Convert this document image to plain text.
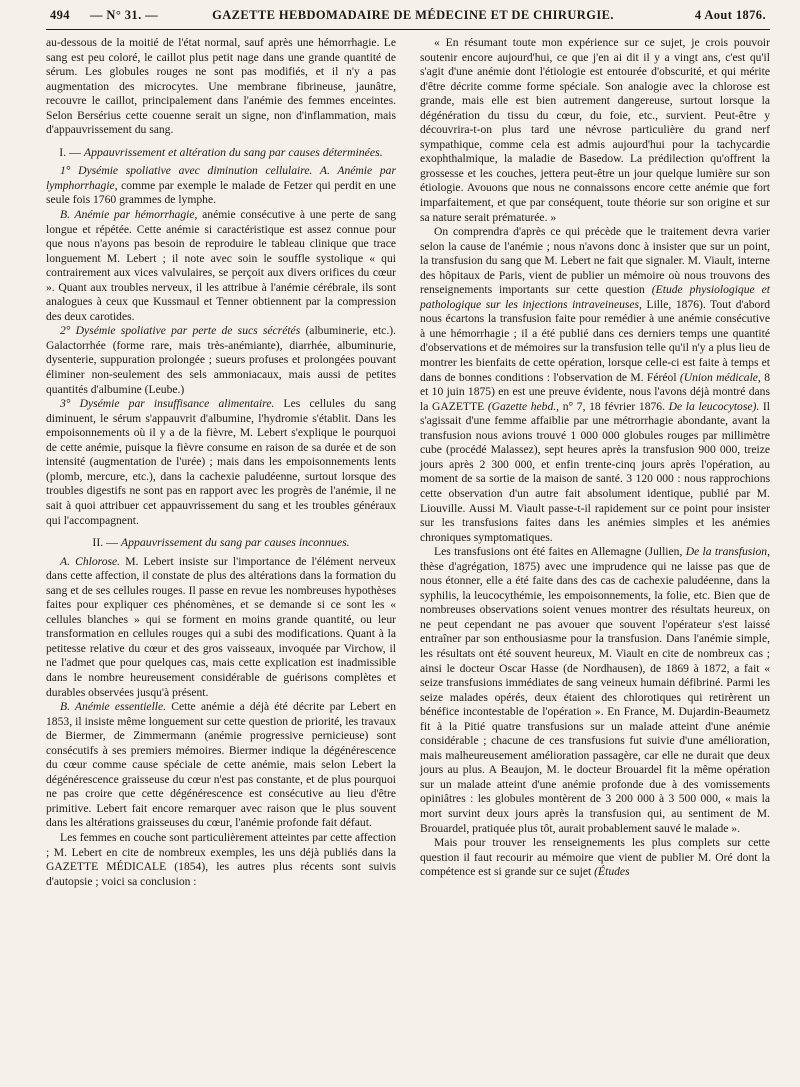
494	— N° 31. —	GAZETTE HEBDOMADAIRE DE MÉDECINE ET DE CHIRURGIE.	4 Aout 1876.

au-dessous de la moitié de l'état normal, sauf après une hémorrhagie. Le sang est peu coloré, le caillot plus petit nage dans une grande quantité de sérum. Les globules rouges ne sont pas modifiés, et il n'y a pas augmentation des microcytes. Une membrane fibrineuse, jaunâtre, recouvre le caillot, principalement dans l'anémie des femmes enceintes. Selon Bersérius cette couenne serait un signe, non d'inflammation, mais d'appauvrissement du sang.

I. — Appauvrissement et altération du sang par causes déterminées.

1° Dysémie spoliative avec diminution cellulaire. A. Anémie par lymphorrhagie, comme par exemple le malade de Fetzer qui perdit en une seule fois 1760 grammes de lymphe.

B. Anémie par hémorrhagie, anémie consécutive à une perte de sang longue et répétée. Cette anémie si caractéristique est assez connue pour que nous n'ayons pas besoin de reproduire le tableau clinique que trace longuement M. Lebert ; il note avec soin le souffle systolique « qui contrairement aux vices valvulaires, se perçoit aux divers orifices du cœur ». Quant aux troubles nerveux, il les attribue à l'anémie cérébrale, ils sont analogues à ceux que Kussmaul et Tenner obtiennent par la compression des deux carotides.

2° Dysémie spoliative par perte de sucs sécrétés (albuminerie, etc.). Galactorrhée (forme rare, mais très-anémiante), diarrhée, albuminurie, dysenterie, suppuration prolongée ; sueurs profuses et prolongées pouvant éliminer non-seulement des sels ammoniacaux, mais aussi de petites quantités d'albumine (Leube.)

3° Dysémie par insuffisance alimentaire. Les cellules du sang diminuent, le sérum s'appauvrit d'albumine, l'hydromie s'établit. Dans les empoisonnements où il y a de la fièvre, M. Lebert s'explique le pourquoi de cette anémie, puisque la fièvre consume en raison de sa durée et de son intensité (augmentation de l'urée) ; mais dans les empoisonnements lents (plomb, mercure, etc.), dans la cachexie paludéenne, surtout lorsque des troubles digestifs ne sont pas en rapport avec les progrès de l'anémie, il ne sait à quoi attribuer cet appauvrissement du sang et les troubles généraux qui l'accompagnent.

II. — Appauvrissement du sang par causes inconnues.

A. Chlorose. M. Lebert insiste sur l'importance de l'élément nerveux dans cette affection, il constate de plus des altérations dans la formation du sang et de ses cellules rouges. Il passe en revue les nombreuses hypothèses faites pour expliquer ces phénomènes, et se demande si ce sont les « cellules blanches » qui se forment en moins grande quantité, ou leur transformation en cellules rouges qui a subi des modifications. Quant à la petitesse relative du cœur et des gros vaisseaux, invoquée par Virchow, il ne l'admet que pour quelques cas, mais cette explication est inadmissible dans le nombre heureusement considérable de guérisons complètes et durables observées jusqu'à présent.

B. Anémie essentielle. Cette anémie a déjà été décrite par Lebert en 1853, il insiste même longuement sur cette question de priorité, les travaux de Biermer, de Zimmermann (anémie progressive pernicieuse) sont consécutifs à ses premiers mémoires. Biermer indique la dégénérescence du cœur comme cause spéciale de cette anémie, mais selon Lebert la dégénérescence graisseuse du cœur n'est pas constante, et de plus pourquoi ne pas croire que cette dégénérescence est consécutive au lieu d'être primitive. Lebert fait encore remarquer avec raison que le plus souvent dans les altérations graisseuses du cœur, l'anémie profonde fait défaut.

Les femmes en couche sont particulièrement atteintes par cette affection ; M. Lebert en cite de nombreux exemples, les uns déjà publiés dans la GAZETTE MÉDICALE (1854), les autres plus récents sont suivis d'autopsie ; voici sa conclusion :

« En résumant toute mon expérience sur ce sujet, je crois pouvoir soutenir encore aujourd'hui, ce que j'en ai dit il y a vingt ans, c'est qu'il s'agit d'une anémie dont l'étiologie est entourée d'obscurité, et qui mérite d'être décrite comme forme spéciale. Son analogie avec la chlorose est grande, mais elle est bien autrement dangereuse, surtout lorsque la dégénération du tissu du cœur, du foie, etc., survient. Peut-être y découvrira-t-on plus tard une névrose particulière du grand nerf sympathique, comme cela est admis aujourd'hui pour la tachycardie exophthalmique, la maladie de Basedow. La prédilection qu'offrent la grossesse et les couches, jettera peut-être un jour quelque lumière sur son étiologie. Avouons que nous ne connaissons encore cette anémie que fort imparfaitement, et que par conséquent, toute théorie sur son origine et sur sa nature serait prématurée. »

On comprendra d'après ce qui précède que le traitement devra varier selon la cause de l'anémie ; nous n'avons donc à insister que sur un point, la transfusion du sang que M. Lebert ne fait que signaler. M. Viault, interne des hôpitaux de Paris, vient de publier un mémoire où nous trouvons des renseignements importants sur cette question (Etude physiologique et pathologique sur les injections intraveineuses, Lille, 1876). Tout d'abord nous écartons la transfusion faite pour remédier à une anémie consécutive à une hémorrhagie ; il a été publié dans ces derniers temps une quantité d'observations et de mémoires sur la transfusion telle qu'il n'y a plus lieu de montrer les bienfaits de cette opération, lorsque celle-ci est faite à temps et dans de bonnes conditions : l'observation de M. Féréol (Union médicale, 8 et 10 juin 1875) en est une preuve évidente, nous l'avons déjà montré dans la GAZETTE (Gazette hebd., n° 7, 18 février 1876. De la leucocytose). Il s'agissait d'une femme affaiblie par une métrorrhagie abondante, avant la transfusion nous avions trouvé 1 000 000 globules rouges par millimètre cube (procédé Malassez), sept heures après la transfusion 900 000, treize jours après 2 300 000, et enfin trente-cinq jours après l'opération, au moment de sa sortie de la maison de santé. 3 120 000 : nous rapprochions cette observation d'un autre fait absolument identique, publié par M. Liouville. Aussi M. Viault passe-t-il rapidement sur ce point pour insister sur les transfusions faites dans les anémies simples et les anémies chroniques symptomatiques.

Les transfusions ont été faites en Allemagne (Jullien, De la transfusion, thèse d'agrégation, 1875) avec une imprudence qui ne laisse pas que de nous étonner, elle a été faite dans des cas de cachexie paludéenne, dans la syphilis, la leucocythémie, les empoisonnements, la folie, etc. Bien que de nombreuses observations soient venues montrer des résultats heureux, on ne peut cependant ne pas avouer que souvent l'opérateur s'est laissé entraîner par son enthousiasme pour la transfusion. Dans l'anémie simple, les résultats ont été souvent heureux, M. Viault en cite de nombreux cas ; ainsi le docteur Oscar Hasse (de Nordhausen), de 1869 à 1872, a fait « seize transfusions immédiates de sang veineux humain défibriné. Parmi les seize malades opérés, deux étaient des chlorotiques qui retirèrent un bénéfice incontestable de l'opération ». En France, M. Dujardin-Beaumetz fit à la Pitié quatre transfusions sur un malade atteint d'une anémie considérable ; chacune de ces transfusions fut suivie d'une amélioration, mais malheureusement amélioration passagère, car elle ne durait que deux jours au plus. A Beaujon, M. le docteur Brouardel fit la même opération sur un malade atteint d'une anémie profonde due à des vomissements opiniâtres : les globules montèrent de 3 200 000 à 3 500 000, « mais la mort survint deux jours après la transfusion qui, au sentiment de M. Brouardel, pratiquée plus tôt, aurait probablement sauvé le malade ».

Mais pour trouver les renseignements les plus complets sur cette question il faut recourir au mémoire que vient de publier M. Oré dont la compétence est si grande sur ce sujet (Études
